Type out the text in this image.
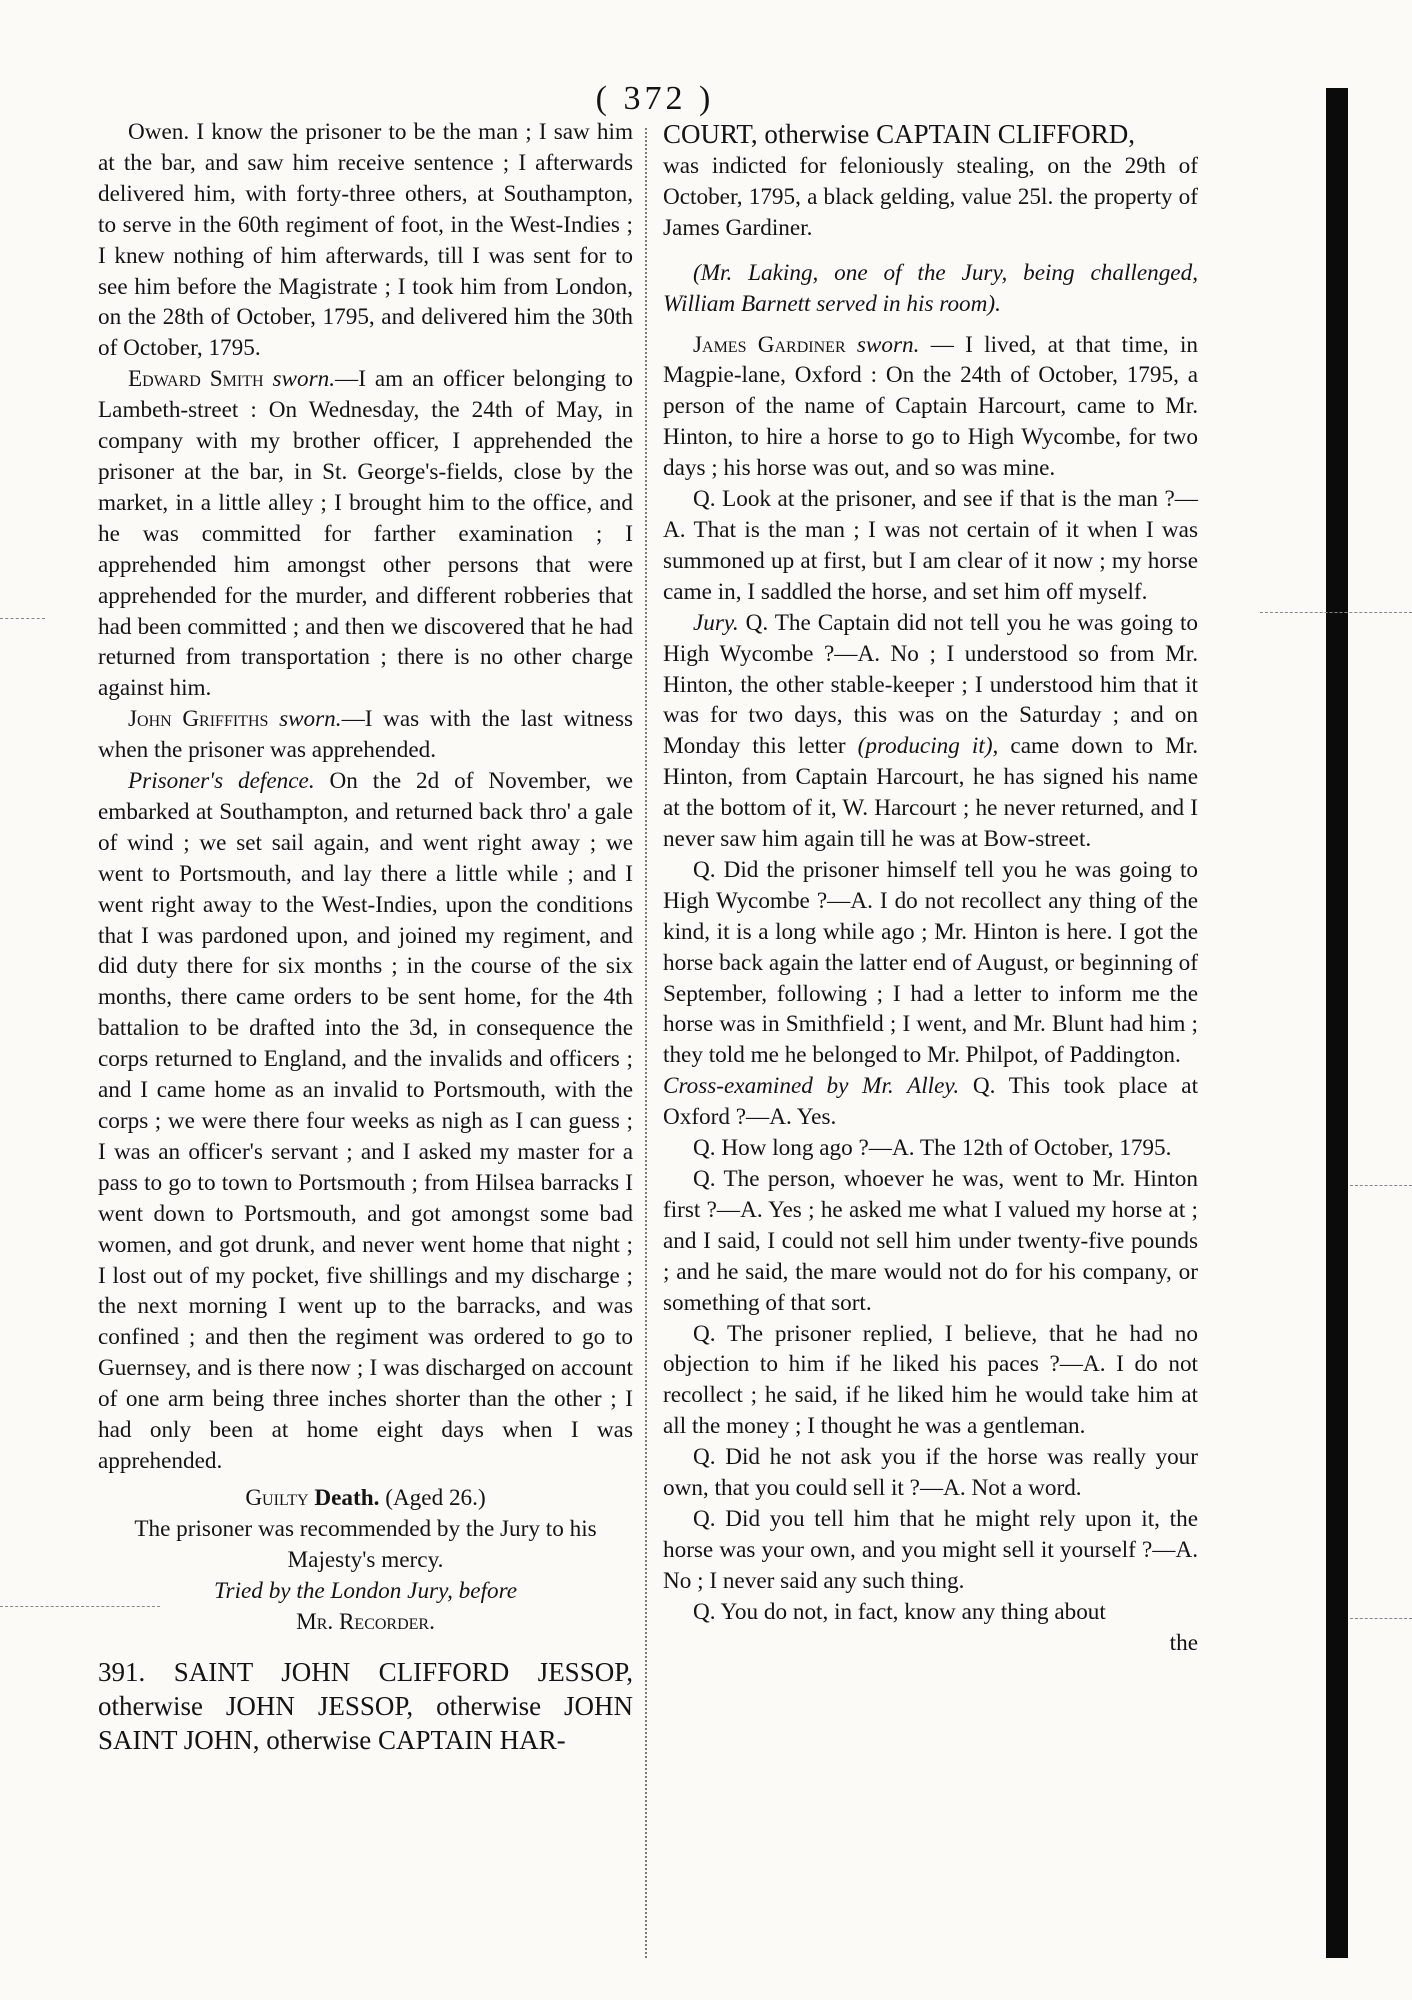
( 372 )

Owen. I know the prisoner to be the man ; I saw him at the bar, and saw him receive sentence ; I afterwards delivered him, with forty-three others, at Southampton, to serve in the 60th regiment of foot, in the West-Indies ; I knew nothing of him afterwards, till I was sent for to see him before the Magistrate ; I took him from London, on the 28th of October, 1795, and delivered him the 30th of October, 1795.

Edward Smith sworn.—I am an officer belonging to Lambeth-street : On Wednesday, the 24th of May, in company with my brother officer, I apprehended the prisoner at the bar, in St. George's-fields, close by the market, in a little alley ; I brought him to the office, and he was committed for farther examination ; I apprehended him amongst other persons that were apprehended for the murder, and different robberies that had been committed ; and then we discovered that he had returned from transportation ; there is no other charge against him.

John Griffiths sworn.—I was with the last witness when the prisoner was apprehended.

Prisoner's defence. On the 2d of November, we embarked at Southampton, and returned back thro' a gale of wind ; we set sail again, and went right away ; we went to Portsmouth, and lay there a little while ; and I went right away to the West-Indies, upon the conditions that I was pardoned upon, and joined my regiment, and did duty there for six months ; in the course of the six months, there came orders to be sent home, for the 4th battalion to be drafted into the 3d, in consequence the corps returned to England, and the invalids and officers ; and I came home as an invalid to Portsmouth, with the corps ; we were there four weeks as nigh as I can guess ; I was an officer's servant ; and I asked my master for a pass to go to town to Portsmouth ; from Hilsea barracks I went down to Portsmouth, and got amongst some bad women, and got drunk, and never went home that night ; I lost out of my pocket, five shillings and my discharge ; the next morning I went up to the barracks, and was confined ; and then the regiment was ordered to go to Guernsey, and is there now ; I was discharged on account of one arm being three inches shorter than the other ; I had only been at home eight days when I was apprehended.

Guilty Death. (Aged 26.)

The prisoner was recommended by the Jury to his Majesty's mercy.

Tried by the London Jury, before

Mr. Recorder.

391. SAINT JOHN CLIFFORD JESSOP, otherwise JOHN JESSOP, otherwise JOHN SAINT JOHN, otherwise CAPTAIN HAR-

COURT, otherwise CAPTAIN CLIFFORD,

was indicted for feloniously stealing, on the 29th of October, 1795, a black gelding, value 25l. the property of James Gardiner.

(Mr. Laking, one of the Jury, being challenged, William Barnett served in his room).

James Gardiner sworn. — I lived, at that time, in Magpie-lane, Oxford : On the 24th of October, 1795, a person of the name of Captain Harcourt, came to Mr. Hinton, to hire a horse to go to High Wycombe, for two days ; his horse was out, and so was mine.

Q. Look at the prisoner, and see if that is the man ?—A. That is the man ; I was not certain of it when I was summoned up at first, but I am clear of it now ; my horse came in, I saddled the horse, and set him off myself.

Jury. Q. The Captain did not tell you he was going to High Wycombe ?—A. No ; I understood so from Mr. Hinton, the other stable-keeper ; I understood him that it was for two days, this was on the Saturday ; and on Monday this letter (producing it), came down to Mr. Hinton, from Captain Harcourt, he has signed his name at the bottom of it, W. Harcourt ; he never returned, and I never saw him again till he was at Bow-street.

Q. Did the prisoner himself tell you he was going to High Wycombe ?—A. I do not recollect any thing of the kind, it is a long while ago ; Mr. Hinton is here. I got the horse back again the latter end of August, or beginning of September, following ; I had a letter to inform me the horse was in Smithfield ; I went, and Mr. Blunt had him ; they told me he belonged to Mr. Philpot, of Paddington.

Cross-examined by Mr. Alley. Q. This took place at Oxford ?—A. Yes.

Q. How long ago ?—A. The 12th of October, 1795.

Q. The person, whoever he was, went to Mr. Hinton first ?—A. Yes ; he asked me what I valued my horse at ; and I said, I could not sell him under twenty-five pounds ; and he said, the mare would not do for his company, or something of that sort.

Q. The prisoner replied, I believe, that he had no objection to him if he liked his paces ?—A. I do not recollect ; he said, if he liked him he would take him at all the money ; I thought he was a gentleman.

Q. Did he not ask you if the horse was really your own, that you could sell it ?—A. Not a word.

Q. Did you tell him that he might rely upon it, the horse was your own, and you might sell it yourself ?—A. No ; I never said any such thing.

Q. You do not, in fact, know any thing about

the
